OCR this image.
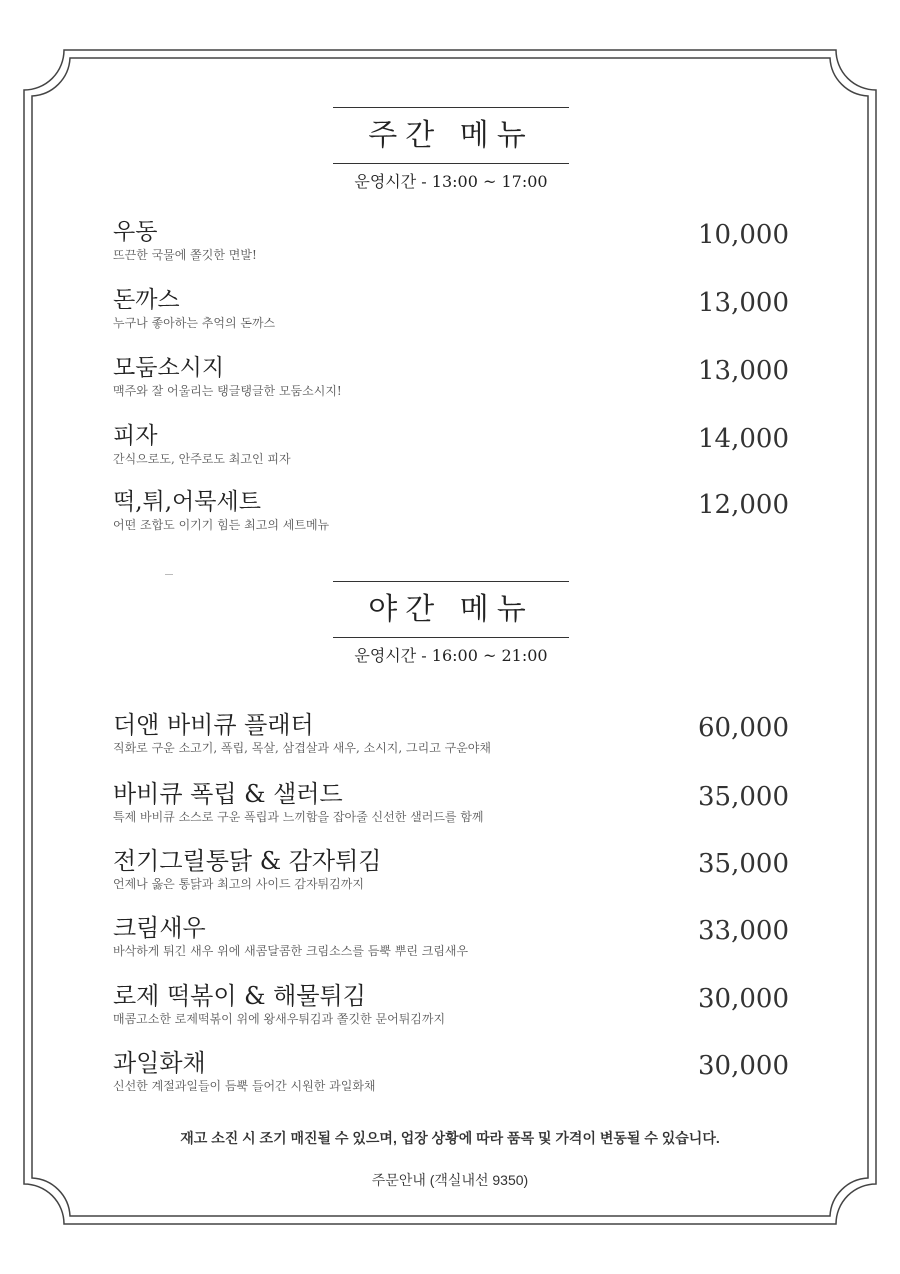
주간 메뉴
운영시간 - 13:00 ~ 17:00
우동
뜨끈한 국물에 쫄깃한 면발!
10,000
돈까스
누구나 좋아하는 추억의 돈까스
13,000
모둠소시지
맥주와 잘 어울리는 탱글탱글한 모둠소시지!
13,000
피자
간식으로도, 안주로도 최고인 피자
14,000
떡,튀,어묵세트
어떤 조합도 이기기 힘든 최고의 세트메뉴
12,000
야간 메뉴
운영시간 - 16:00 ~ 21:00
더앤 바비큐 플래터
직화로 구운 소고기, 폭립, 목살, 삼겹살과 새우, 소시지, 그리고 구운야채
60,000
바비큐 폭립 & 샐러드
특제 바비큐 소스로 구운 폭립과 느끼함을 잡아줄 신선한 샐러드를 함께
35,000
전기그릴통닭 & 감자튀김
언제나 옳은 통닭과 최고의 사이드 감자튀김까지
35,000
크림새우
바삭하게 튀긴 새우 위에 새콤달콤한 크림소스를 듬뿍 뿌린 크림새우
33,000
로제 떡볶이 & 해물튀김
매콤고소한 로제떡볶이 위에 왕새우튀김과 쫄깃한 문어튀김까지
30,000
과일화채
신선한 계절과일들이 듬뿍 들어간 시원한 과일화채
30,000
재고 소진 시 조기 매진될 수 있으며, 업장 상황에 따라 품목 및 가격이 변동될 수 있습니다.
주문안내 (객실내선 9350)
